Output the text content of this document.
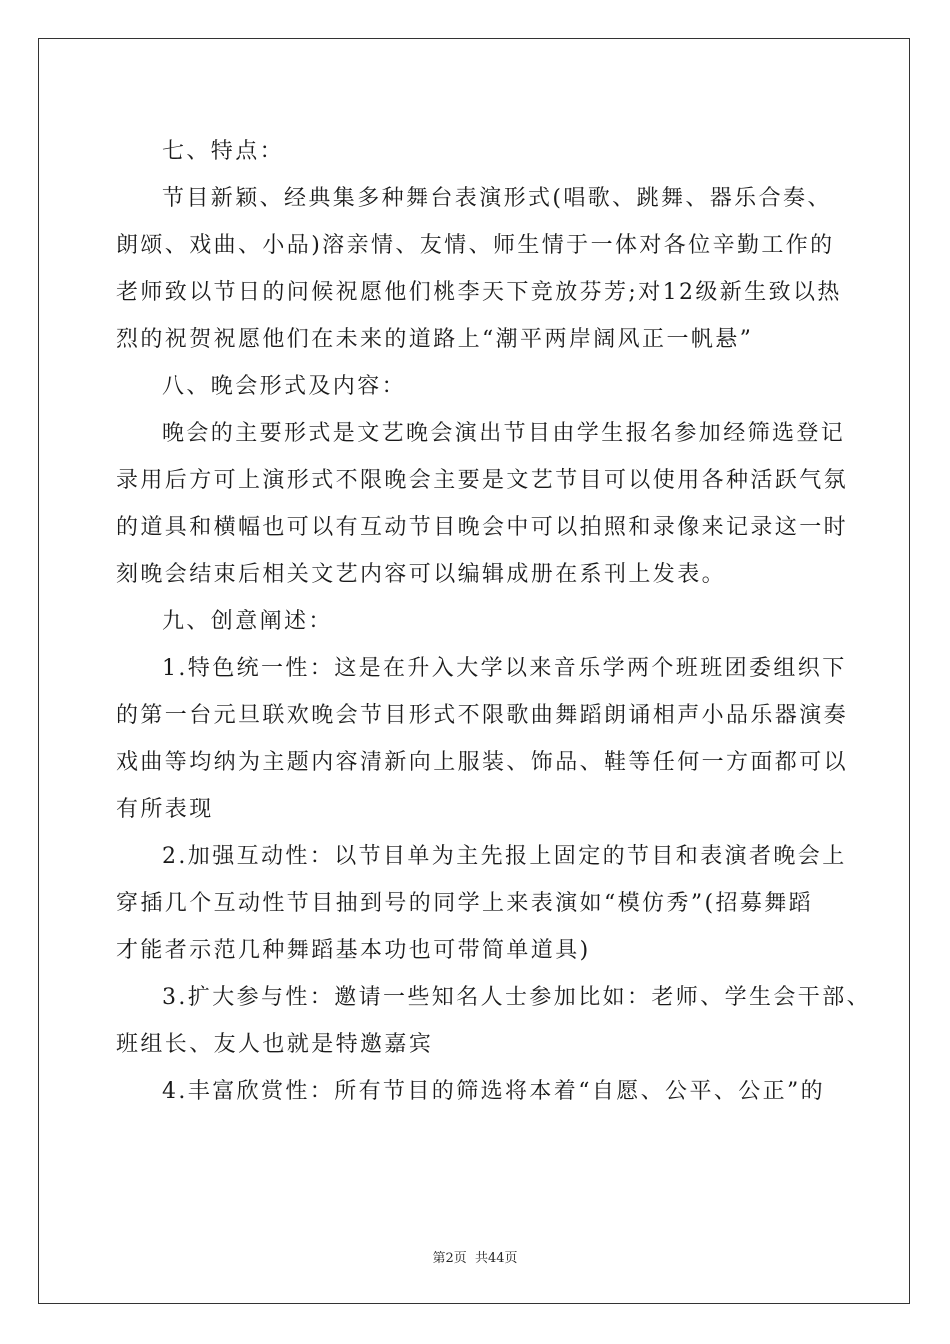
七、特点：
节目新颖、经典集多种舞台表演形式(唱歌、跳舞、器乐合奏、
朗颂、戏曲、小品)溶亲情、友情、师生情于一体对各位辛勤工作的
老师致以节日的问候祝愿他们桃李天下竞放芬芳;对12级新生致以热
烈的祝贺祝愿他们在未来的道路上“潮平两岸阔风正一帆悬”
八、晚会形式及内容：
晚会的主要形式是文艺晚会演出节目由学生报名参加经筛选登记
录用后方可上演形式不限晚会主要是文艺节目可以使用各种活跃气氛
的道具和横幅也可以有互动节目晚会中可以拍照和录像来记录这一时
刻晚会结束后相关文艺内容可以编辑成册在系刊上发表。
九、创意阐述：
1.特色统一性：这是在升入大学以来音乐学两个班班团委组织下
的第一台元旦联欢晚会节目形式不限歌曲舞蹈朗诵相声小品乐器演奏
戏曲等均纳为主题内容清新向上服装、饰品、鞋等任何一方面都可以
有所表现
2.加强互动性：以节目单为主先报上固定的节目和表演者晚会上
穿插几个互动性节目抽到号的同学上来表演如“模仿秀”(招募舞蹈
才能者示范几种舞蹈基本功也可带简单道具)
3.扩大参与性：邀请一些知名人士参加比如：老师、学生会干部、
班组长、友人也就是特邀嘉宾
4.丰富欣赏性：所有节目的筛选将本着“自愿、公平、公正”的
第2页 共44页
